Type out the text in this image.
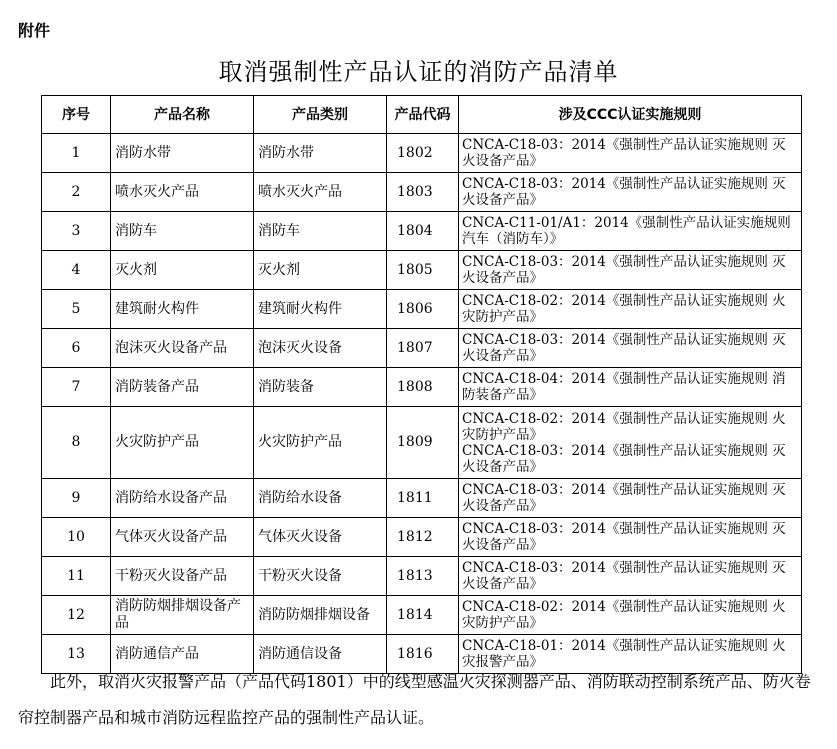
附件
取消强制性产品认证的消防产品清单
序号	产品名称	产品类别	产品代码	涉及CCC认证实施规则
1	消防水带	消防水带	1802	CNCA-C18-03：2014《强制性产品认证实施规则 灭火设备产品》

2	喷水灭火产品	喷水灭火产品	1803	CNCA-C18-03：2014《强制性产品认证实施规则 灭火设备产品》

3	消防车	消防车	1804	CNCA-C11-01/A1：2014《强制性产品认证实施规则 汽车（消防车）》

4	灭火剂	灭火剂	1805	CNCA-C18-03：2014《强制性产品认证实施规则 灭火设备产品》

5	建筑耐火构件	建筑耐火构件	1806	CNCA-C18-02：2014《强制性产品认证实施规则 火灾防护产品》

6	泡沫灭火设备产品	泡沫灭火设备	1807	CNCA-C18-03：2014《强制性产品认证实施规则 灭火设备产品》

7	消防装备产品	消防装备	1808	CNCA-C18-04：2014《强制性产品认证实施规则 消防装备产品》

8	火灾防护产品	火灾防护产品	1809	CNCA-C18-02：2014《强制性产品认证实施规则 火灾防护产品》
CNCA-C18-03：2014《强制性产品认证实施规则 灭火设备产品》

9	消防给水设备产品	消防给水设备	1811	CNCA-C18-03：2014《强制性产品认证实施规则 灭火设备产品》

10	气体灭火设备产品	气体灭火设备	1812	CNCA-C18-03：2014《强制性产品认证实施规则 灭火设备产品》

11	干粉灭火设备产品	干粉灭火设备	1813	CNCA-C18-03：2014《强制性产品认证实施规则 灭火设备产品》

12	消防防烟排烟设备产品	消防防烟排烟设备	1814	CNCA-C18-02：2014《强制性产品认证实施规则 火灾防护产品》

13	消防通信产品	消防通信设备	1816	CNCA-C18-01：2014《强制性产品认证实施规则 火灾报警产品》
此外，取消火灾报警产品（产品代码1801）中的线型感温火灾探测器产品、消防联动控制系统产品、防火卷帘控制器产品和城市消防远程监控产品的强制性产品认证。
